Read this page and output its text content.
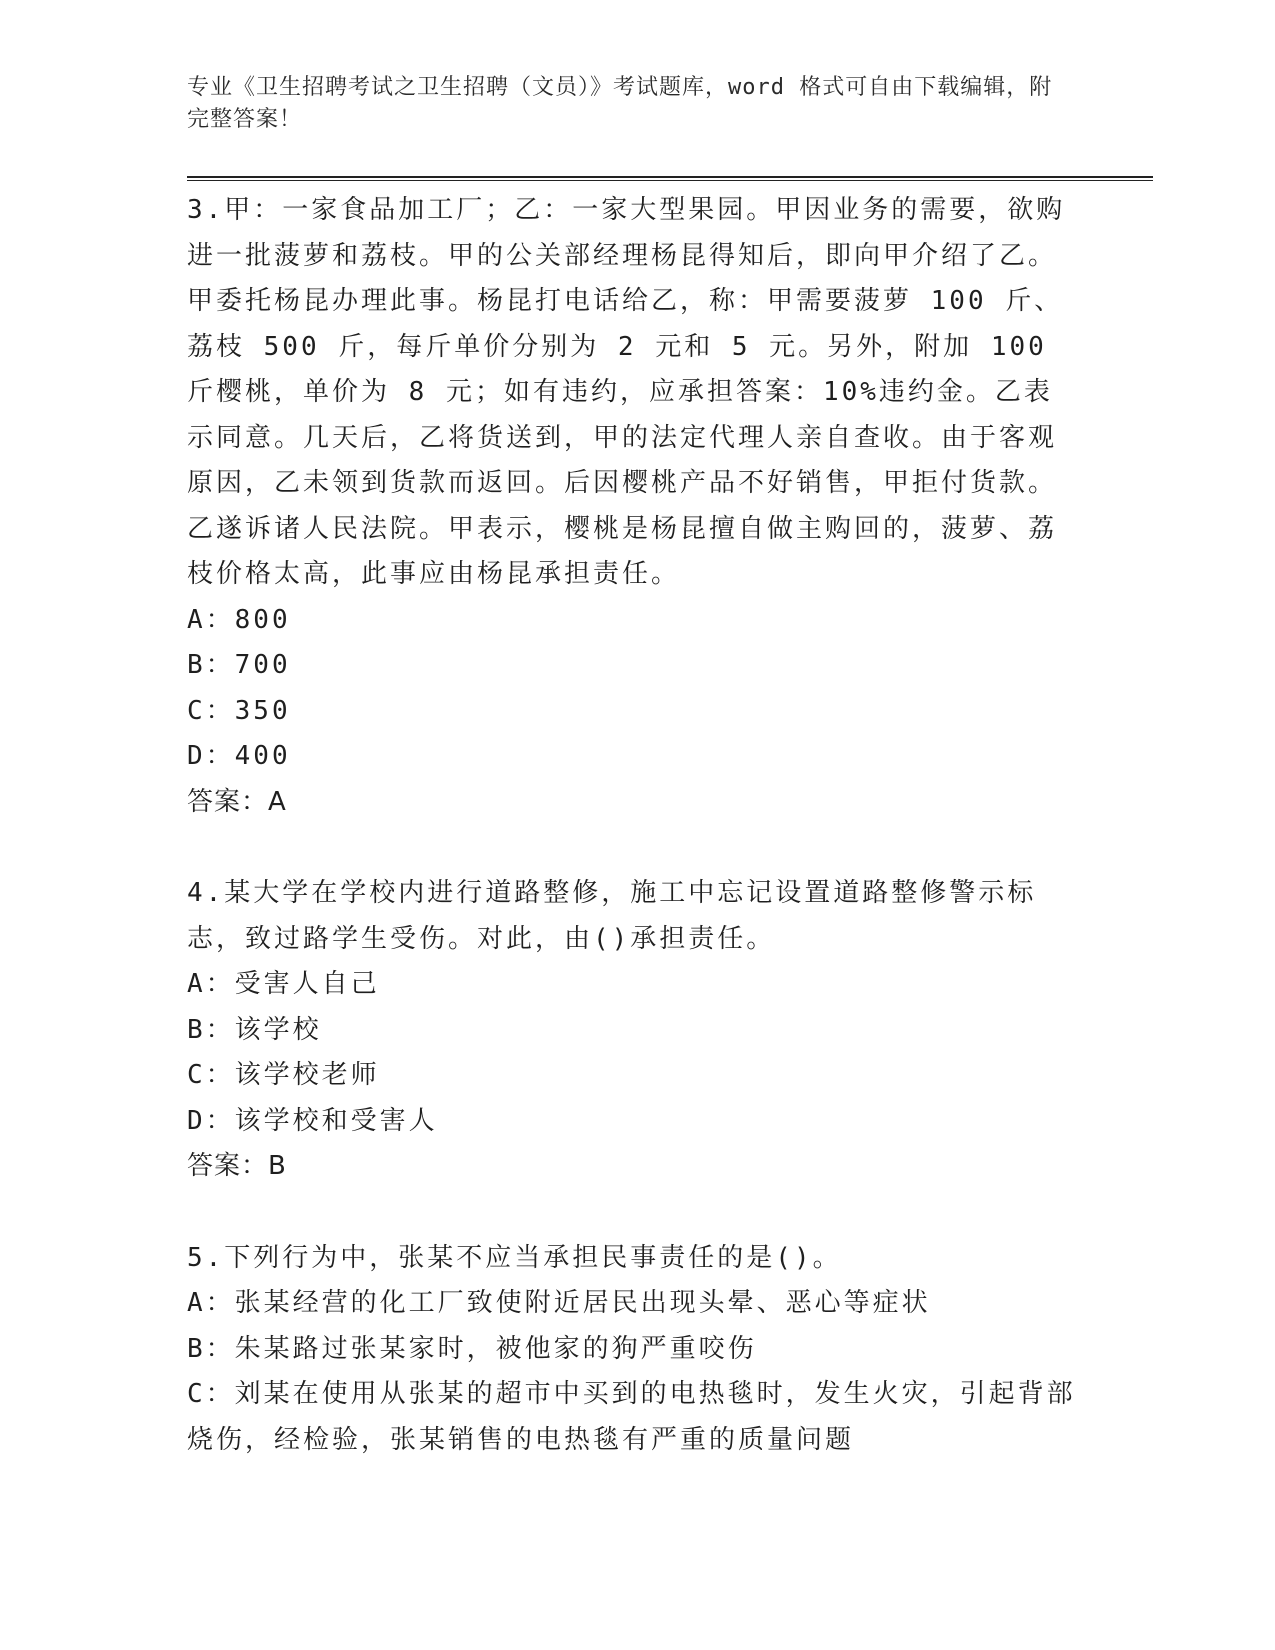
专业《卫生招聘考试之卫生招聘（文员）》考试题库，word 格式可自由下载编辑，附完整答案！

3.甲：一家食品加工厂；乙：一家大型果园。甲因业务的需要，欲购进一批菠萝和荔枝。甲的公关部经理杨昆得知后，即向甲介绍了乙。甲委托杨昆办理此事。杨昆打电话给乙，称：甲需要菠萝 100 斤、荔枝 500 斤，每斤单价分别为 2 元和 5 元。另外，附加 100 斤樱桃，单价为 8 元；如有违约，应承担答案：10%违约金。乙表示同意。几天后，乙将货送到，甲的法定代理人亲自查收。由于客观原因，乙未领到货款而返回。后因樱桃产品不好销售，甲拒付货款。乙遂诉诸人民法院。甲表示，樱桃是杨昆擅自做主购回的，菠萝、荔枝价格太高，此事应由杨昆承担责任。

A：800

B：700

C：350

D：400

答案：A

4.某大学在学校内进行道路整修，施工中忘记设置道路整修警示标志，致过路学生受伤。对此，由()承担责任。

A：受害人自己

B：该学校

C：该学校老师

D：该学校和受害人

答案：B

5.下列行为中，张某不应当承担民事责任的是()。

A：张某经营的化工厂致使附近居民出现头晕、恶心等症状

B：朱某路过张某家时，被他家的狗严重咬伤

C：刘某在使用从张某的超市中买到的电热毯时，发生火灾，引起背部烧伤，经检验，张某销售的电热毯有严重的质量问题
